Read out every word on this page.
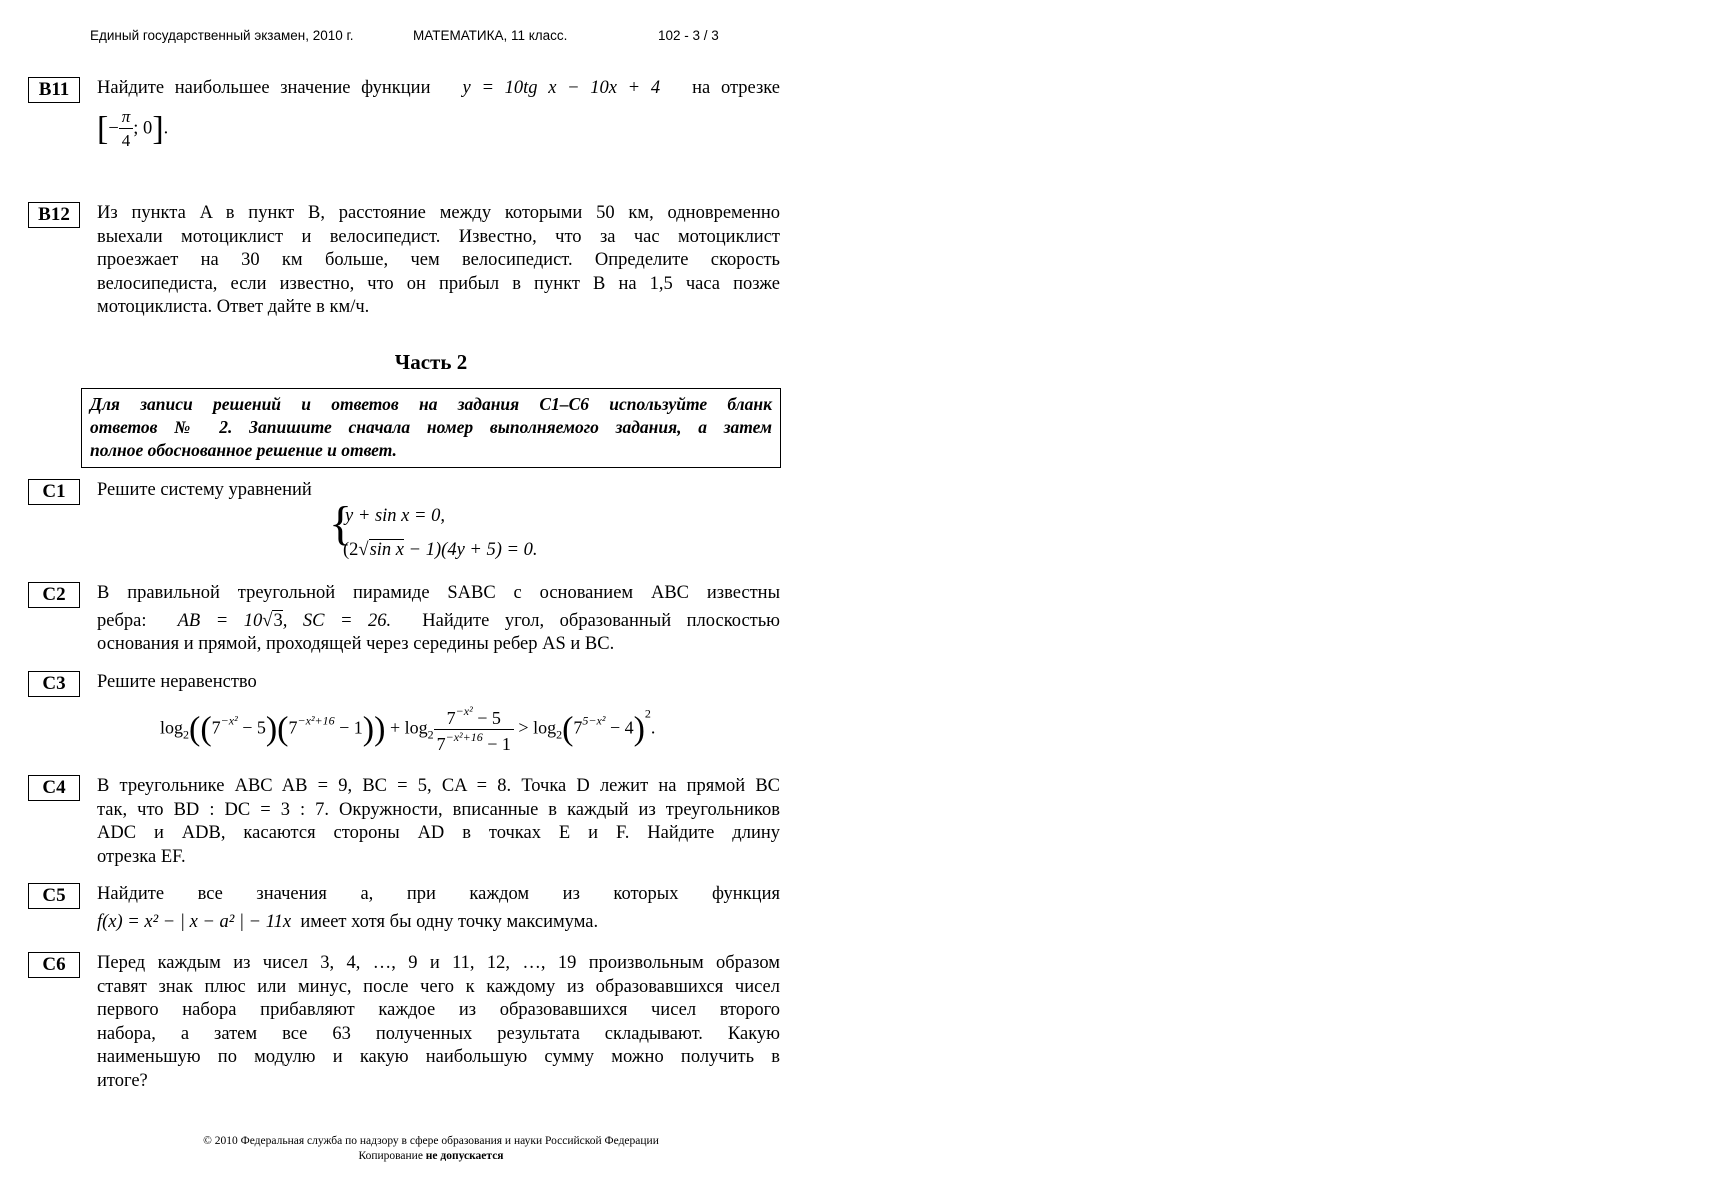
Единый государственный экзамен, 2010 г.	МАТЕМАТИКА, 11 класс.	102 - 3 / 3
B11	Найдите наибольшее значение функции y = 10tg x − 10x + 4 на отрезке
[− $\frac{\pi}{4}$ ; 0].
B12	Из пункта A в пункт B, расстояние между которыми 50 км, одновременно
выехали мотоциклист и велосипедист. Известно, что за час мотоциклист
проезжает на 30 км больше, чем велосипедист. Определите скорость
велосипедиста, если известно, что он прибыл в пункт B на 1,5 часа позже
мотоциклиста. Ответ дайте в км/ч.
Часть 2
Для записи решений и ответов на задания С1–С6 используйте бланк
ответов № 2. Запишите сначала номер выполняемого задания, а затем
полное обоснованное решение и ответ.
C1	Решите систему уравнений
{
y + sin x = 0,
(2√sin x − 1)(4y + 5) = 0.
C2	В правильной треугольной пирамиде SABC с основанием ABC известны
ребра: AB = 10√3, SC = 26. Найдите угол, образованный плоскостью
основания и прямой, проходящей через середины ребер AS и BC.
C3	Решите неравенство
$\log_2((7^{-x^2} - 5)(7^{-x^2+16} - 1)) + \log_2 \frac{7^{-x^2} - 5}{7^{-x^2+16} - 1} > \log_2(7^{5-x^2} - 4)^2$.
C4	В треугольнике ABC AB = 9, BC = 5, CA = 8. Точка D лежит на прямой BC
так, что BD : DC = 3 : 7. Окружности, вписанные в каждый из треугольников
ADC и ADB, касаются стороны AD в точках E и F. Найдите длину
отрезка EF.
C5	Найдите все значения a, при каждом из которых функция
f(x) = x² − | x − a² | − 11x имеет хотя бы одну точку максимума.
C6	Перед каждым из чисел 3, 4, …, 9 и 11, 12, …, 19 произвольным образом
ставят знак плюс или минус, после чего к каждому из образовавшихся чисел
первого набора прибавляют каждое из образовавшихся чисел второго
набора, а затем все 63 полученных результата складывают. Какую
наименьшую по модулю и какую наибольшую сумму можно получить в
итоге?
© 2010 Федеральная служба по надзору в сфере образования и науки Российской Федерации
Копирование не допускается
